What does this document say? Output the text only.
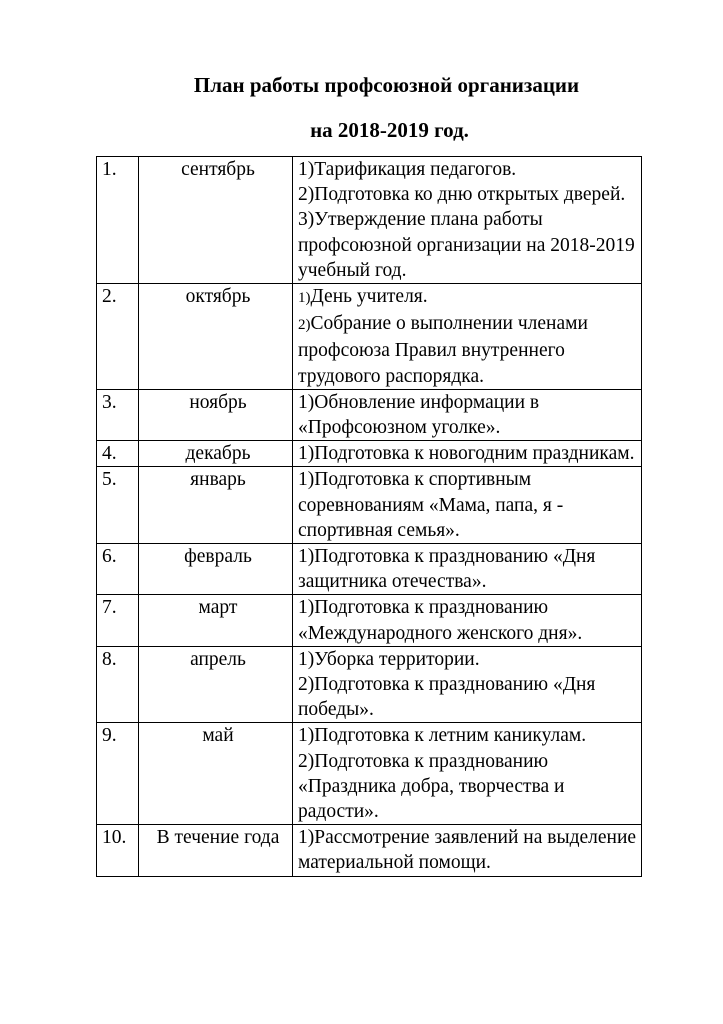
План работы профсоюзной организации
на 2018-2019 год.
1.	сентябрь	1)Тарификация педагогов.
2)Подготовка ко дню открытых дверей.
3)Утверждение плана работы профсоюзной организации на 2018-2019 учебный год.

2.	октябрь	1)День учителя.
2)Собрание о выполнении членами профсоюза Правил внутреннего трудового распорядка.

3.	ноябрь	1)Обновление информации в «Профсоюзном уголке».

4.	декабрь	1)Подготовка к новогодним праздникам.

5.	январь	1)Подготовка к спортивным соревнованиям «Мама, папа, я - спортивная семья».

6.	февраль	1)Подготовка к празднованию «Дня защитника отечества».

7.	март	1)Подготовка к празднованию «Международного женского дня».

8.	апрель	1)Уборка территории.
2)Подготовка к празднованию «Дня победы».

9.	май	1)Подготовка к летним каникулам.
2)Подготовка к празднованию «Праздника добра, творчества и радости».

10.	В течение года	1)Рассмотрение заявлений на выделение материальной помощи.
